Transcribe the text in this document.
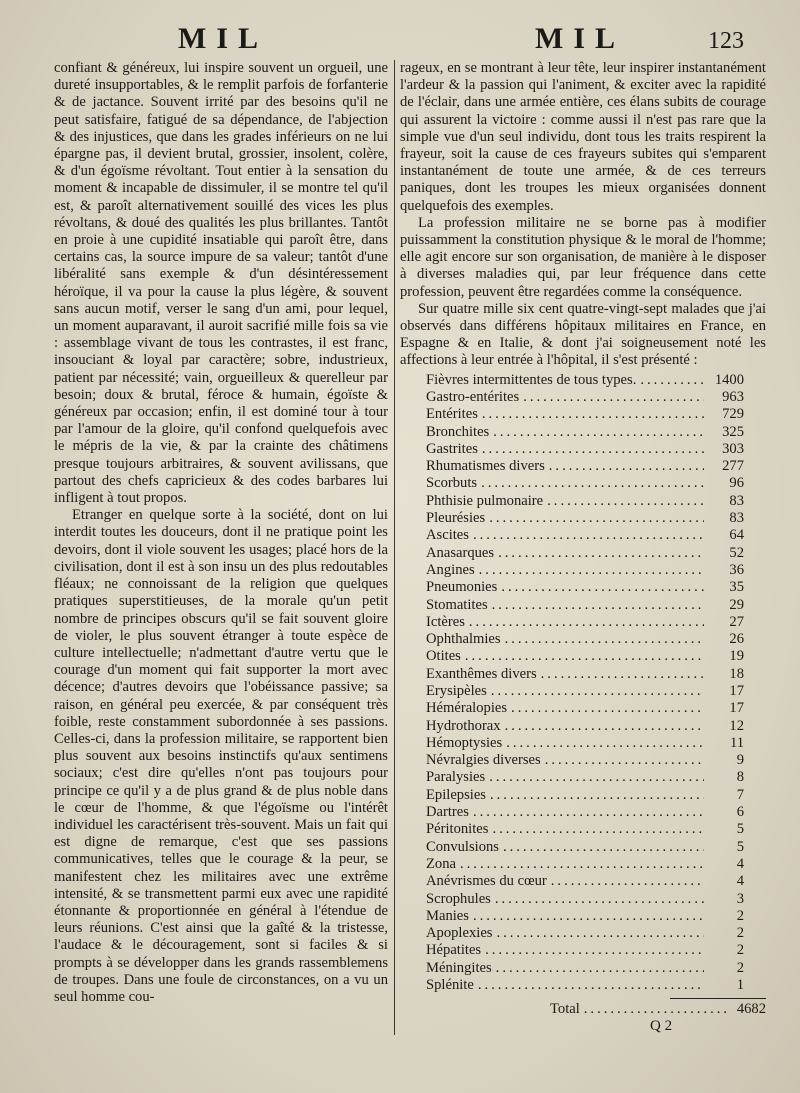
MIL	MIL	123

confiant & généreux, lui inspire souvent un orgueil, une dureté insupportables, & le remplit parfois de forfanterie & de jactance. Souvent irrité par des besoins qu'il ne peut satisfaire, fatigué de sa dépendance, de l'abjection & des injustices, que dans les grades inférieurs on ne lui épargne pas, il devient brutal, grossier, insolent, colère, & d'un égoïsme révoltant. Tout entier à la sensation du moment & incapable de dissimuler, il se montre tel qu'il est, & paroît alternativement souillé des vices les plus révoltans, & doué des qualités les plus brillantes. Tantôt en proie à une cupidité insatiable qui paroît être, dans certains cas, la source impure de sa valeur; tantôt d'une libéralité sans exemple & d'un désintéressement héroïque, il va pour la cause la plus légère, & souvent sans aucun motif, verser le sang d'un ami, pour lequel, un moment auparavant, il auroit sacrifié mille fois sa vie : assemblage vivant de tous les contrastes, il est franc, insouciant & loyal par caractère; sobre, industrieux, patient par nécessité; vain, orgueilleux & querelleur par besoin; doux & brutal, féroce & humain, égoïste & généreux par occasion; enfin, il est dominé tour à tour par l'amour de la gloire, qu'il confond quelquefois avec le mépris de la vie, & par la crainte des châtimens presque toujours arbitraires, & souvent avilissans, que partout des chefs capricieux & des codes barbares lui infligent à tout propos.

Etranger en quelque sorte à la société, dont on lui interdit toutes les douceurs, dont il ne pratique point les devoirs, dont il viole souvent les usages; placé hors de la civilisation, dont il est à son insu un des plus redoutables fléaux; ne connoissant de la religion que quelques pratiques superstitieuses, de la morale qu'un petit nombre de principes obscurs qu'il se fait souvent gloire de violer, le plus souvent étranger à toute espèce de culture intellectuelle; n'admettant d'autre vertu que le courage d'un moment qui fait supporter la mort avec décence; d'autres devoirs que l'obéissance passive; sa raison, en général peu exercée, & par conséquent très foible, reste constamment subordonnée à ses passions. Celles-ci, dans la profession militaire, se rapportent bien plus souvent aux besoins instinctifs qu'aux sentimens sociaux; c'est dire qu'elles n'ont pas toujours pour principe ce qu'il y a de plus grand & de plus noble dans le cœur de l'homme, & que l'égoïsme ou l'intérêt individuel les caractérisent très-souvent. Mais un fait qui est digne de remarque, c'est que ses passions communicatives, telles que le courage & la peur, se manifestent chez les militaires avec une extrême intensité, & se transmettent parmi eux avec une rapidité étonnante & proportionnée en général à l'étendue de leurs réunions. C'est ainsi que la gaîté & la tristesse, l'audace & le découragement, sont si faciles & si prompts à se développer dans les grands rassemblemens de troupes. Dans une foule de circonstances, on a vu un seul homme cou-

rageux, en se montrant à leur tête, leur inspirer instantanément l'ardeur & la passion qui l'animent, & exciter avec la rapidité de l'éclair, dans une armée entière, ces élans subits de courage qui assurent la victoire : comme aussi il n'est pas rare que la simple vue d'un seul individu, dont tous les traits respirent la frayeur, soit la cause de ces frayeurs subites qui s'emparent instantanément de toute une armée, & de ces terreurs paniques, dont les troupes les mieux organisées donnent quelquefois des exemples.

La profession militaire ne se borne pas à modifier puissamment la constitution physique & le moral de l'homme; elle agit encore sur son organisation, de manière à le disposer à diverses maladies qui, par leur fréquence dans cette profession, peuvent être regardées comme la conséquence.

Sur quatre mille six cent quatre-vingt-sept malades que j'ai observés dans différens hôpitaux militaires en France, en Espagne & en Italie, & dont j'ai soigneusement noté les affections à leur entrée à l'hôpital, il s'est présenté :

Fièvres intermittentes de tous types. .....	1400
Gastro-entérites .....	963
Entérites .....	729
Bronchites .....	325
Gastrites .....	303
Rhumatismes divers .....	277
Scorbuts .....	96
Phthisie pulmonaire .....	83
Pleurésies .....	83
Ascites .....	64
Anasarques .....	52
Angines .....	36
Pneumonies .....	35
Stomatites .....	29
Ictères .....	27
Ophthalmies .....	26
Otites .....	19
Exanthêmes divers .....	18
Erysipèles .....	17
Héméralopies .....	17
Hydrothorax .....	12
Hémoptysies .....	11
Névralgies diverses .....	9
Paralysies .....	8
Epilepsies .....	7
Dartres .....	6
Péritonites .....	5
Convulsions .....	5
Zona .....	4
Anévrismes du cœur .....	4
Scrophules .....	3
Manies .....	2
Apoplexies .....	2
Hépatites .....	2
Méningites .....	2
Splénite .....	1
Total .....	4682
Q 2
